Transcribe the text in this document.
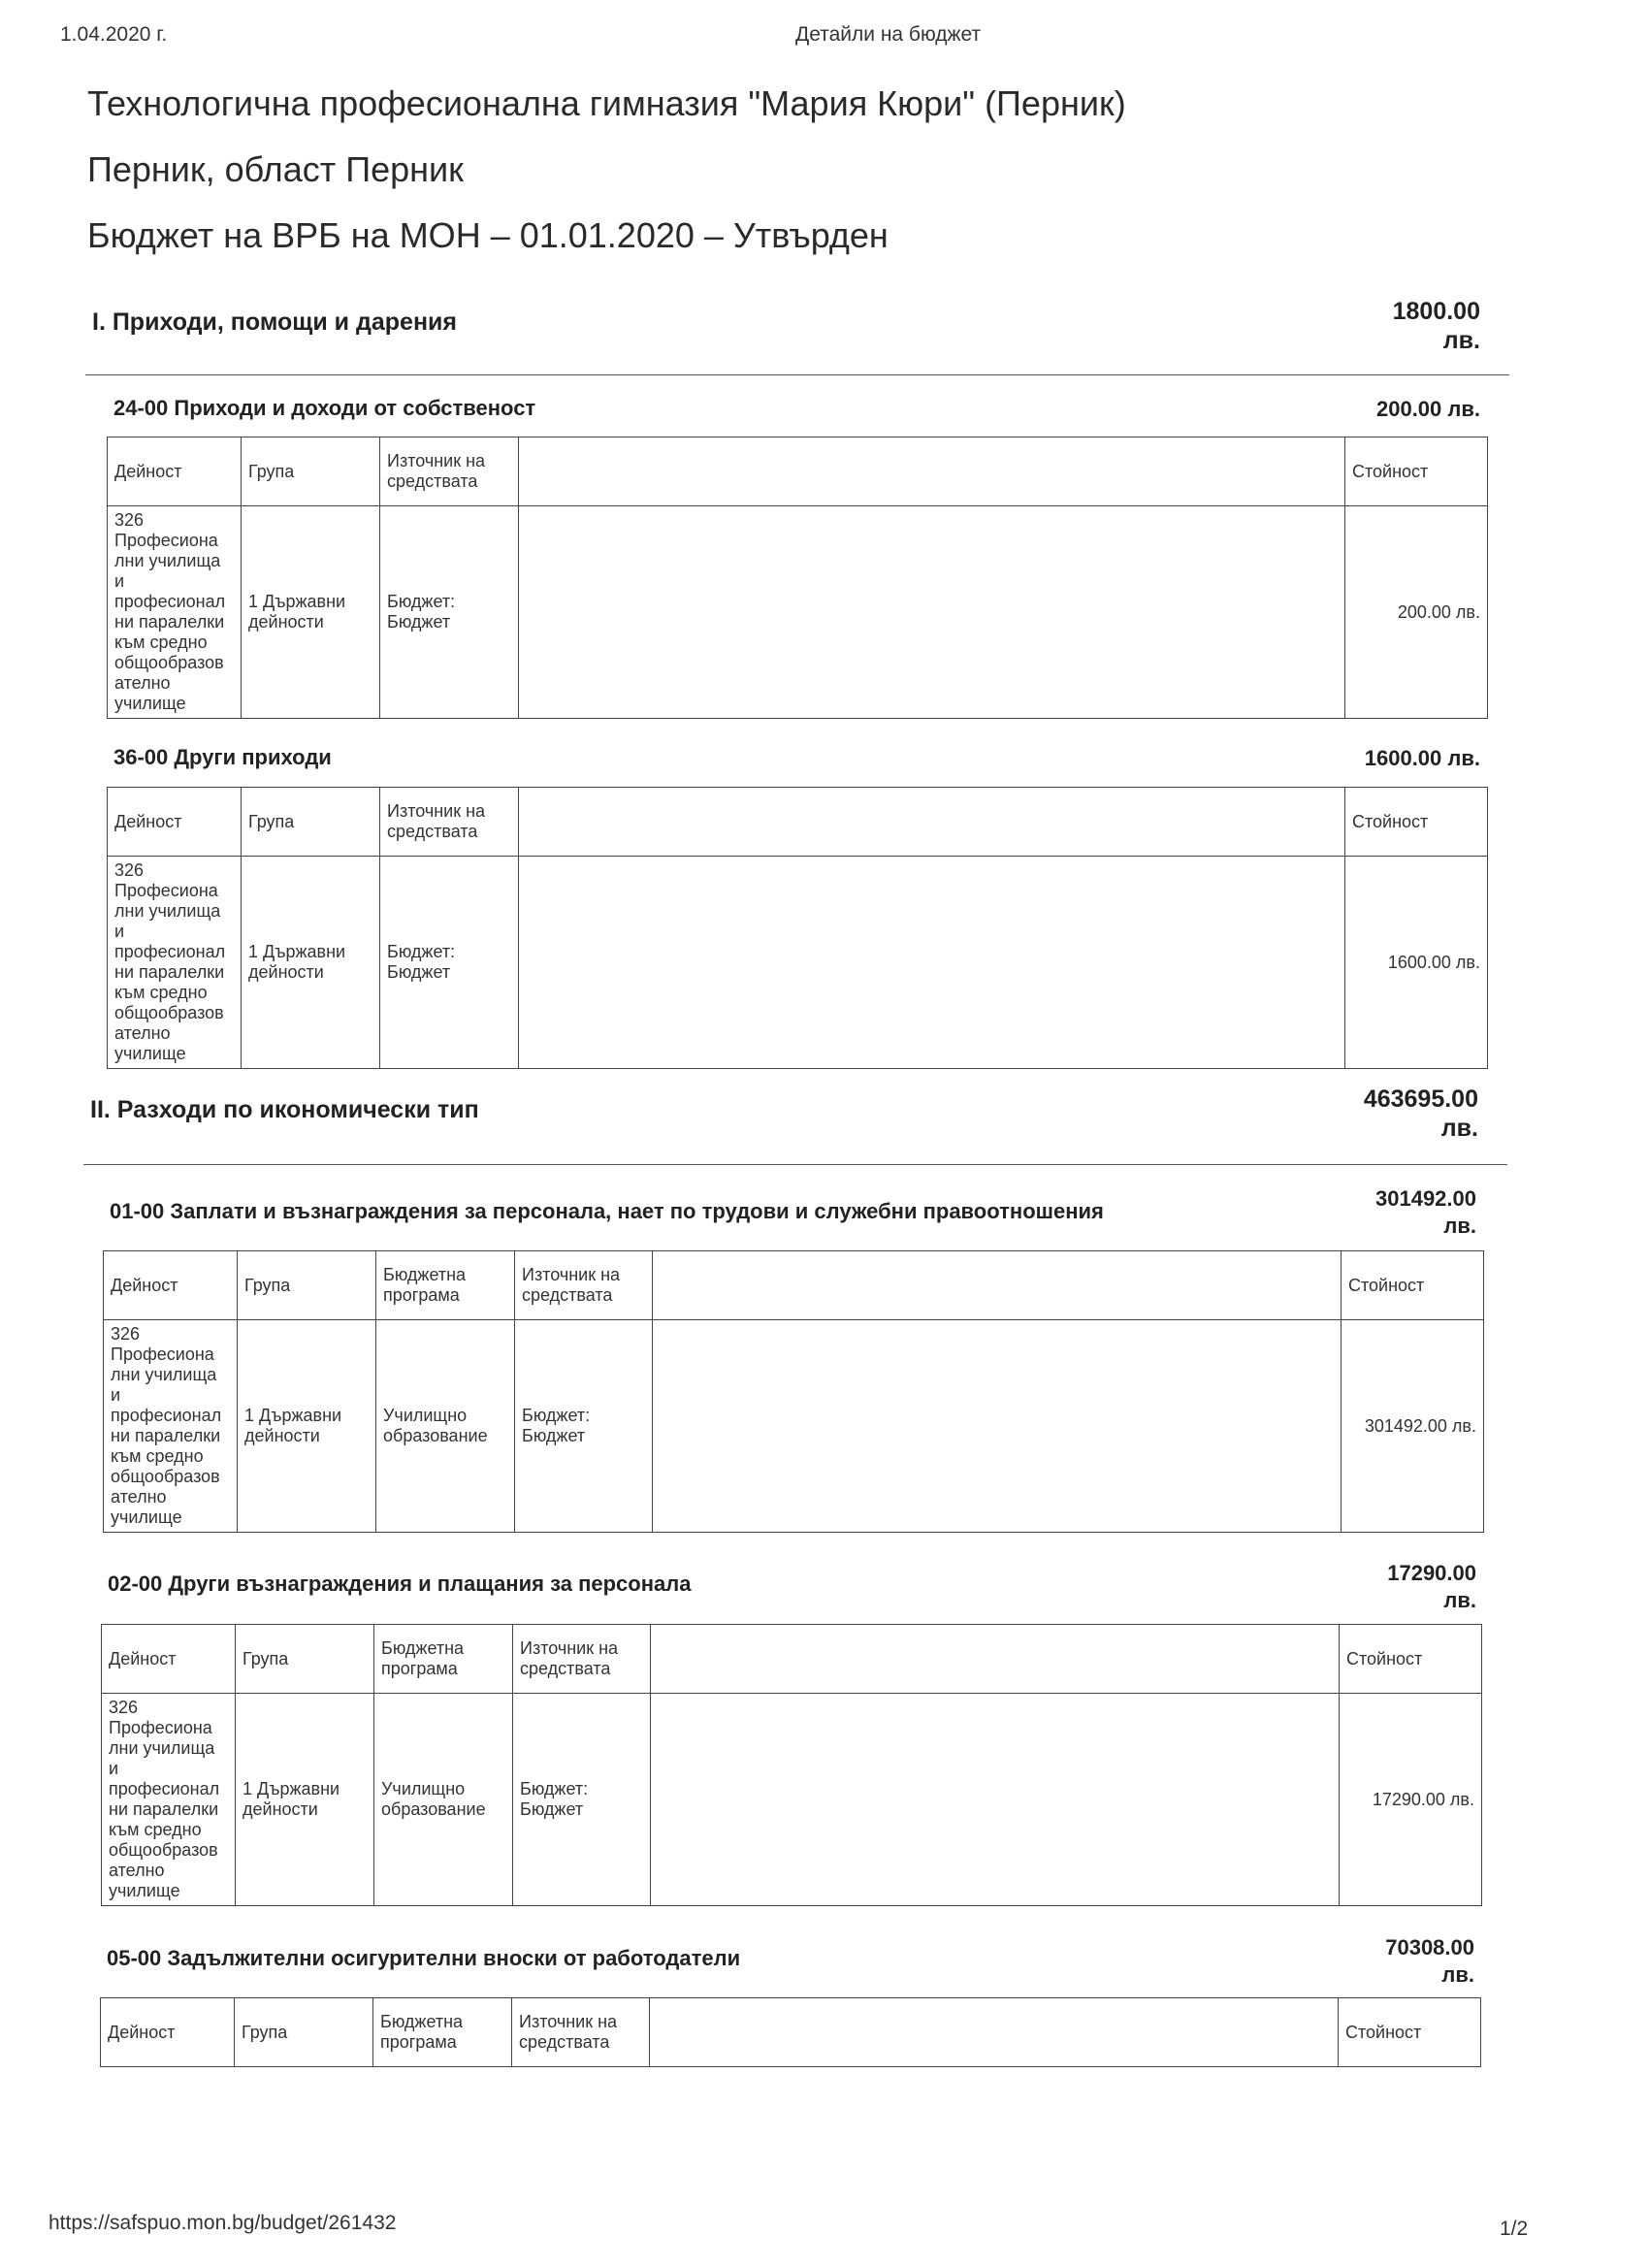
1.04.2020 г.	Детайли на бюджет
Технологична професионална гимназия "Мария Кюри" (Перник)
Перник, област Перник
Бюджет на ВРБ на МОН – 01.01.2020 – Утвърден
I. Приходи, помощи и дарения	1800.00
лв.
24-00 Приходи и доходи от собственост	200.00 лв.
Дейност	Група	Източник на средствата		Стойност
326 Професиона лни училища и професионал ни паралелки към средно общообразов ателно училище	1 Държавни дейности	Бюджет: Бюджет		200.00 лв.
36-00 Други приходи	1600.00 лв.
Дейност	Група	Източник на средствата		Стойност
326 Професиона лни училища и професионал ни паралелки към средно общообразов ателно училище	1 Държавни дейности	Бюджет: Бюджет		1600.00 лв.
II. Разходи по икономически тип	463695.00
лв.
01-00 Заплати и възнаграждения за персонала, нает по трудови и служебни правоотношения
301492.00
лв.
Дейност	Група	Бюджетна програма	Източник на средствата		Стойност
326 Професиона лни училища и професионал ни паралелки към средно общообразов ателно училище	1 Държавни дейности	Училищно образование	Бюджет: Бюджет		301492.00 лв.
02-00 Други възнаграждения и плащания за персонала	17290.00
лв.
Дейност	Група	Бюджетна програма	Източник на средствата		Стойност
326 Професиона лни училища и професионал ни паралелки към средно общообразов ателно училище	1 Държавни дейности	Училищно образование	Бюджет: Бюджет		17290.00 лв.
05-00 Задължителни осигурителни вноски от работодатели	70308.00
лв.
Дейност	Група	Бюджетна програма	Източник на средствата		Стойност
https://safspuo.mon.bg/budget/261432	1/2
